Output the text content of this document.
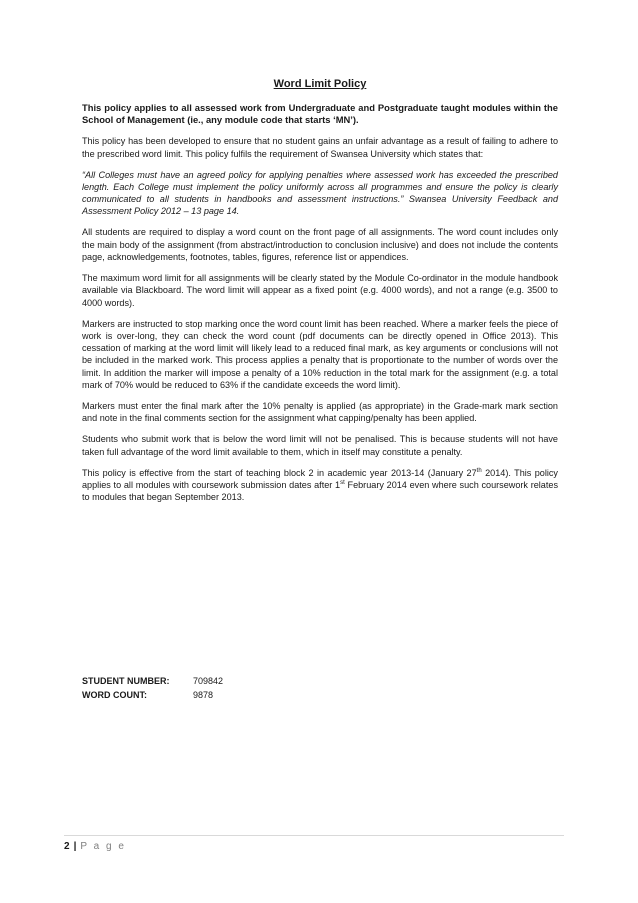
Word Limit Policy

This policy applies to all assessed work from Undergraduate and Postgraduate taught modules within the School of Management (ie., any module code that starts ‘MN’).

This policy has been developed to ensure that no student gains an unfair advantage as a result of failing to adhere to the prescribed word limit. This policy fulfils the requirement of Swansea University which states that:

“All Colleges must have an agreed policy for applying penalties where assessed work has exceeded the prescribed length. Each College must implement the policy uniformly across all programmes and ensure the policy is clearly communicated to all students in handbooks and assessment instructions.” Swansea University Feedback and Assessment Policy 2012 – 13 page 14.

All students are required to display a word count on the front page of all assignments. The word count includes only the main body of the assignment (from abstract/introduction to conclusion inclusive) and does not include the contents page, acknowledgements, footnotes, tables, figures, reference list or appendices.

The maximum word limit for all assignments will be clearly stated by the Module Co-ordinator in the module handbook available via Blackboard. The word limit will appear as a fixed point (e.g. 4000 words), and not a range (e.g. 3500 to 4000 words).

Markers are instructed to stop marking once the word count limit has been reached. Where a marker feels the piece of work is over-long, they can check the word count (pdf documents can be directly opened in Office 2013). This cessation of marking at the word limit will likely lead to a reduced final mark, as key arguments or conclusions will not be included in the marked work. This process applies a penalty that is proportionate to the number of words over the limit. In addition the marker will impose a penalty of a 10% reduction in the total mark for the assignment (e.g. a total mark of 70% would be reduced to 63% if the candidate exceeds the word limit).

Markers must enter the final mark after the 10% penalty is applied (as appropriate) in the Grade-mark mark section and note in the final comments section for the assignment what capping/penalty has been applied.

Students who submit work that is below the word limit will not be penalised. This is because students will not have taken full advantage of the word limit available to them, which in itself may constitute a penalty.

This policy is effective from the start of teaching block 2 in academic year 2013-14 (January 27th 2014). This policy applies to all modules with coursework submission dates after 1st February 2014 even where such coursework relates to modules that began September 2013.

STUDENT NUMBER:	709842
WORD COUNT:	9878
2 | P a g e
